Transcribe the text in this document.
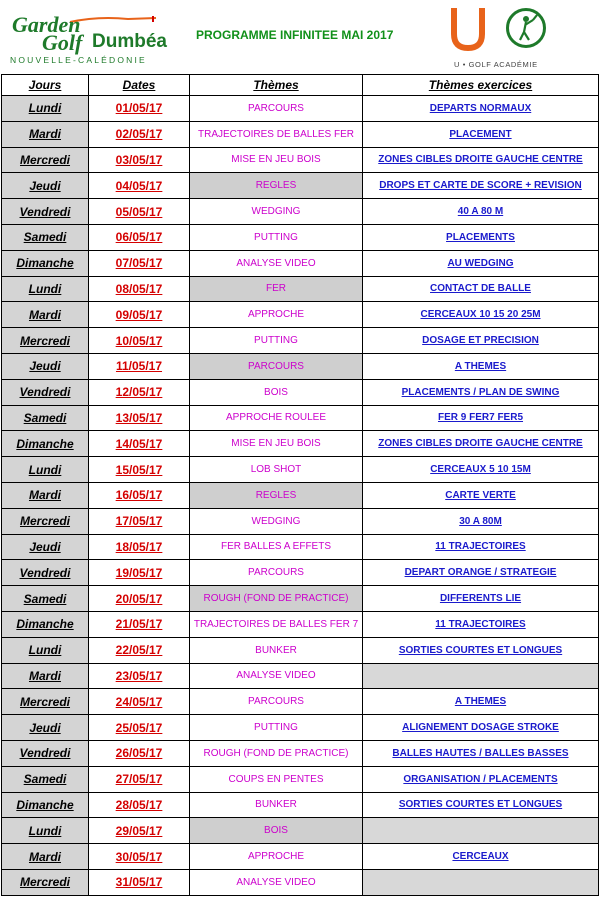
Garden
Golf Dumbéa
NOUVELLE-CALÉDONIE
PROGRAMME INFINITEE MAI 2017
U • GOLF ACADÉMIE
Jours	Dates	Thèmes	Thèmes exercices
Lundi	01/05/17	PARCOURS	DEPARTS NORMAUX
Mardi	02/05/17	TRAJECTOIRES DE BALLES FER	PLACEMENT
Mercredi	03/05/17	MISE EN JEU BOIS	ZONES CIBLES DROITE GAUCHE CENTRE
Jeudi	04/05/17	REGLES	DROPS ET CARTE DE SCORE + REVISION
Vendredi	05/05/17	WEDGING	40 A 80 M
Samedi	06/05/17	PUTTING	PLACEMENTS
Dimanche	07/05/17	ANALYSE VIDEO	AU WEDGING
Lundi	08/05/17	FER	CONTACT DE BALLE
Mardi	09/05/17	APPROCHE	CERCEAUX 10 15 20 25M
Mercredi	10/05/17	PUTTING	DOSAGE ET PRECISION
Jeudi	11/05/17	PARCOURS	A THEMES
Vendredi	12/05/17	BOIS	PLACEMENTS / PLAN DE SWING
Samedi	13/05/17	APPROCHE ROULEE	FER 9 FER7 FER5
Dimanche	14/05/17	MISE EN JEU BOIS	ZONES CIBLES DROITE GAUCHE CENTRE
Lundi	15/05/17	LOB SHOT	CERCEAUX 5 10 15M
Mardi	16/05/17	REGLES	CARTE VERTE
Mercredi	17/05/17	WEDGING	30 A 80M
Jeudi	18/05/17	FER BALLES A EFFETS	11 TRAJECTOIRES
Vendredi	19/05/17	PARCOURS	DEPART ORANGE / STRATEGIE
Samedi	20/05/17	ROUGH (FOND DE PRACTICE)	DIFFERENTS LIE
Dimanche	21/05/17	TRAJECTOIRES DE BALLES FER 7	11 TRAJECTOIRES
Lundi	22/05/17	BUNKER	SORTIES COURTES ET LONGUES
Mardi	23/05/17	ANALYSE VIDEO	
Mercredi	24/05/17	PARCOURS	A THEMES
Jeudi	25/05/17	PUTTING	ALIGNEMENT DOSAGE STROKE
Vendredi	26/05/17	ROUGH (FOND DE PRACTICE)	BALLES HAUTES / BALLES BASSES
Samedi	27/05/17	COUPS EN PENTES	ORGANISATION / PLACEMENTS
Dimanche	28/05/17	BUNKER	SORTIES COURTES ET LONGUES
Lundi	29/05/17	BOIS	
Mardi	30/05/17	APPROCHE	CERCEAUX
Mercredi	31/05/17	ANALYSE VIDEO	
